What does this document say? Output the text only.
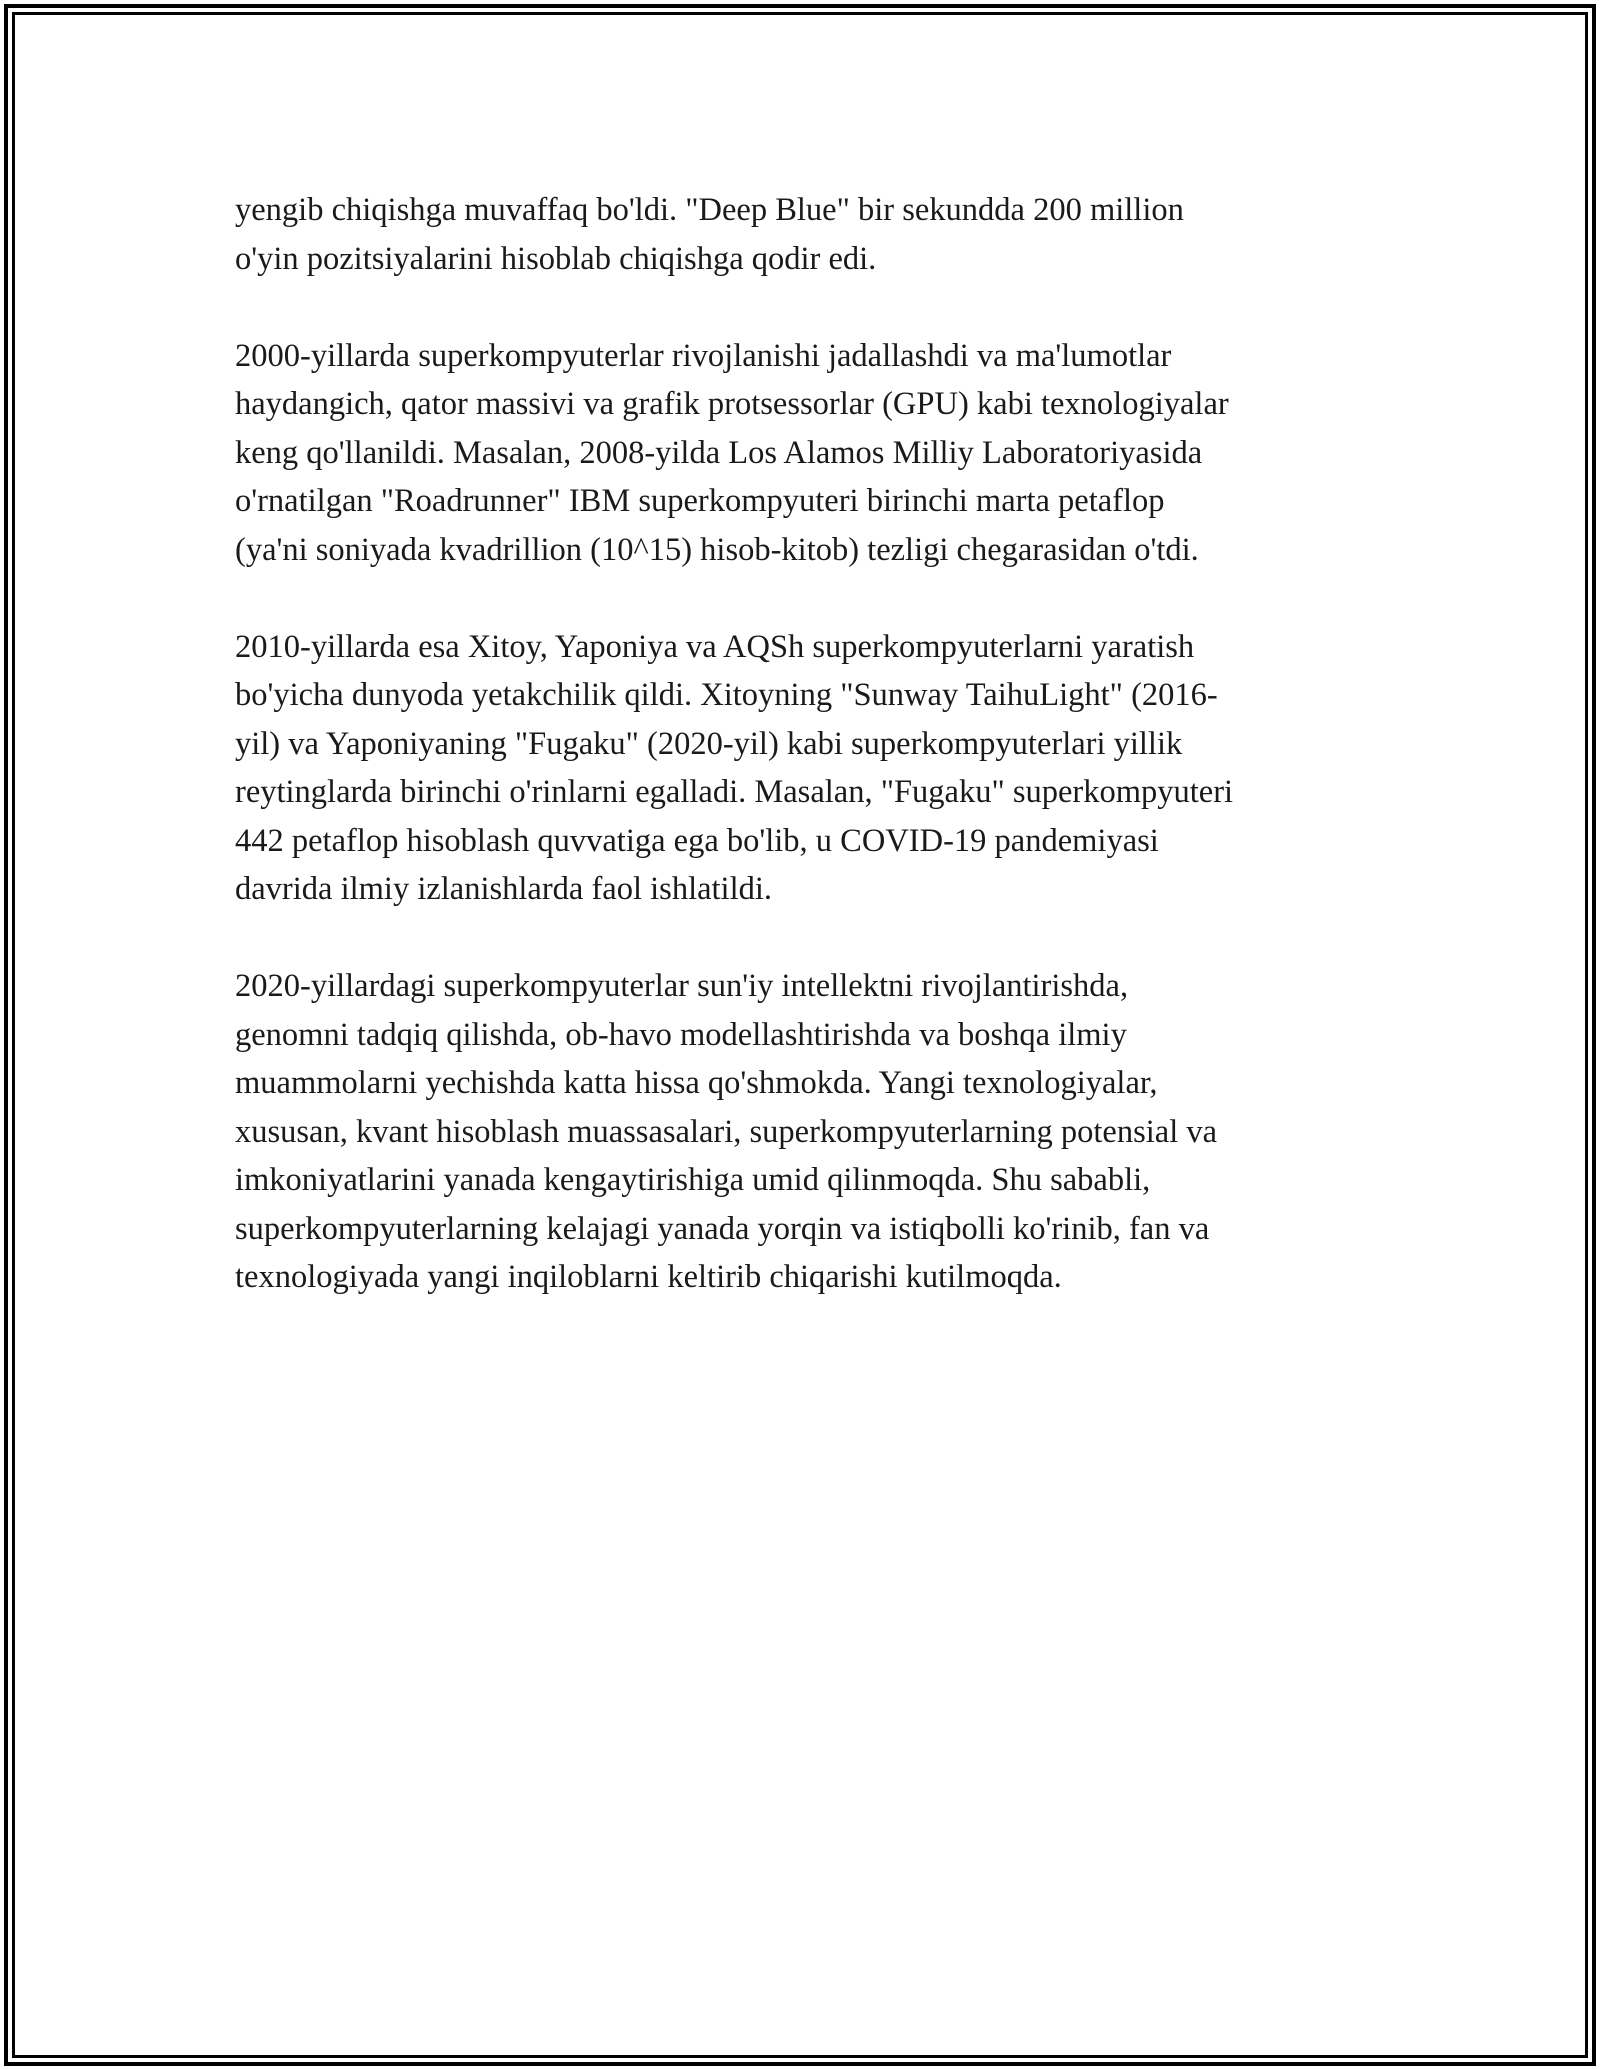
yengib chiqishga muvaffaq bo'ldi. "Deep Blue" bir sekundda 200 million
o'yin pozitsiyalarini hisoblab chiqishga qodir edi.

2000-yillarda superkompyuterlar rivojlanishi jadallashdi va ma'lumotlar
haydangich, qator massivi va grafik protsessorlar (GPU) kabi texnologiyalar
keng qo'llanildi. Masalan, 2008-yilda Los Alamos Milliy Laboratoriyasida
o'rnatilgan "Roadrunner" IBM superkompyuteri birinchi marta petaflop
(ya'ni soniyada kvadrillion (10^15) hisob-kitob) tezligi chegarasidan o'tdi.

2010-yillarda esa Xitoy, Yaponiya va AQSh superkompyuterlarni yaratish
bo'yicha dunyoda yetakchilik qildi. Xitoyning "Sunway TaihuLight" (2016-
yil) va Yaponiyaning "Fugaku" (2020-yil) kabi superkompyuterlari yillik
reytinglarda birinchi o'rinlarni egalladi. Masalan, "Fugaku" superkompyuteri
442 petaflop hisoblash quvvatiga ega bo'lib, u COVID-19 pandemiyasi
davrida ilmiy izlanishlarda faol ishlatildi.

2020-yillardagi superkompyuterlar sun'iy intellektni rivojlantirishda,
genomni tadqiq qilishda, ob-havo modellashtirishda va boshqa ilmiy
muammolarni yechishda katta hissa qo'shmokda. Yangi texnologiyalar,
xususan, kvant hisoblash muassasalari, superkompyuterlarning potensial va
imkoniyatlarini yanada kengaytirishiga umid qilinmoqda. Shu sababli,
superkompyuterlarning kelajagi yanada yorqin va istiqbolli ko'rinib, fan va
texnologiyada yangi inqiloblarni keltirib chiqarishi kutilmoqda.
